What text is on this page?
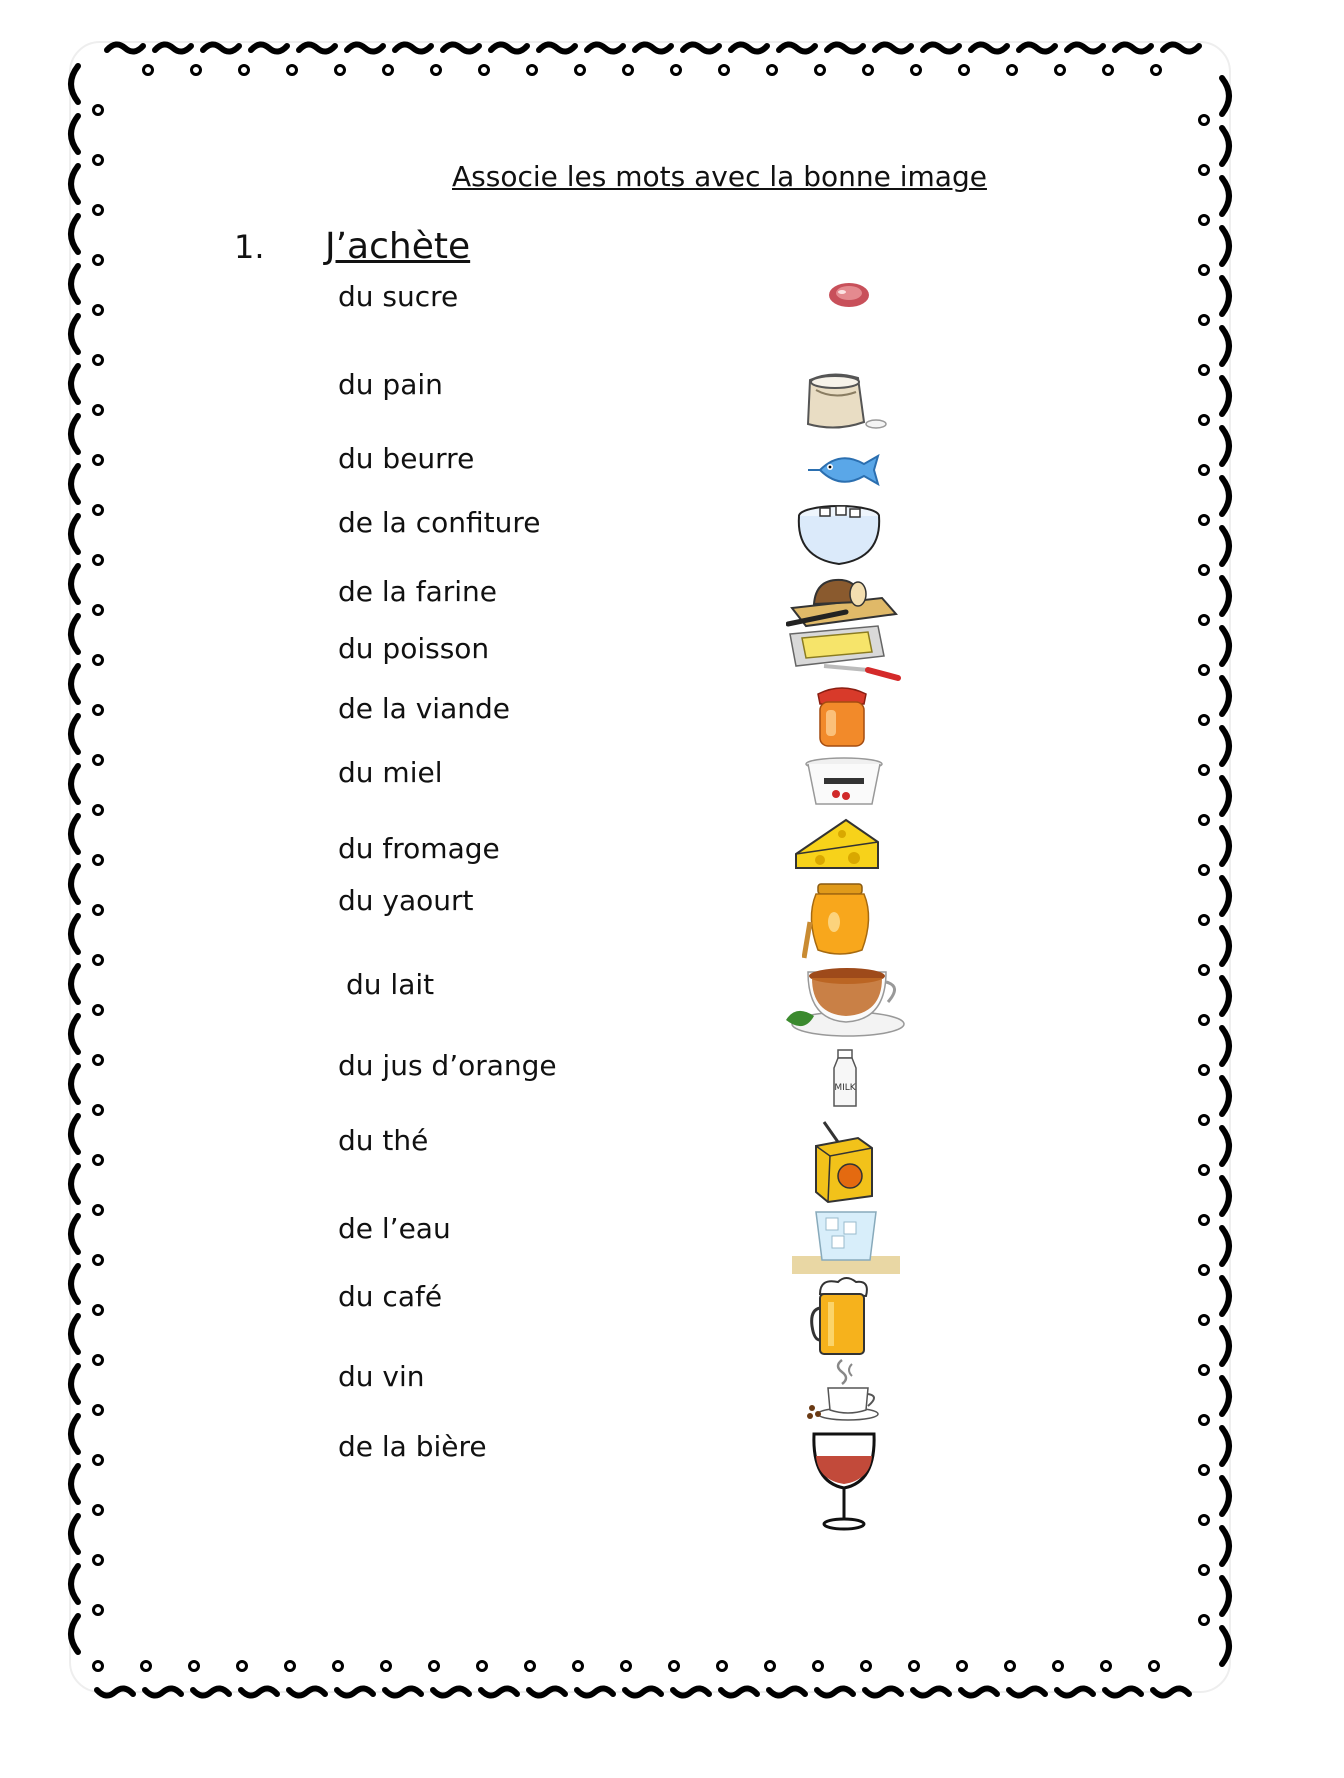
Associe les mots avec la bonne image
1. J’achète
du sucre
du pain
du beurre
de la confiture
de la farine
du poisson
de la viande
du miel
du fromage
du yaourt
du lait
du jus d’orange
du thé
de l’eau
du café
du vin
de la bière
MILK
